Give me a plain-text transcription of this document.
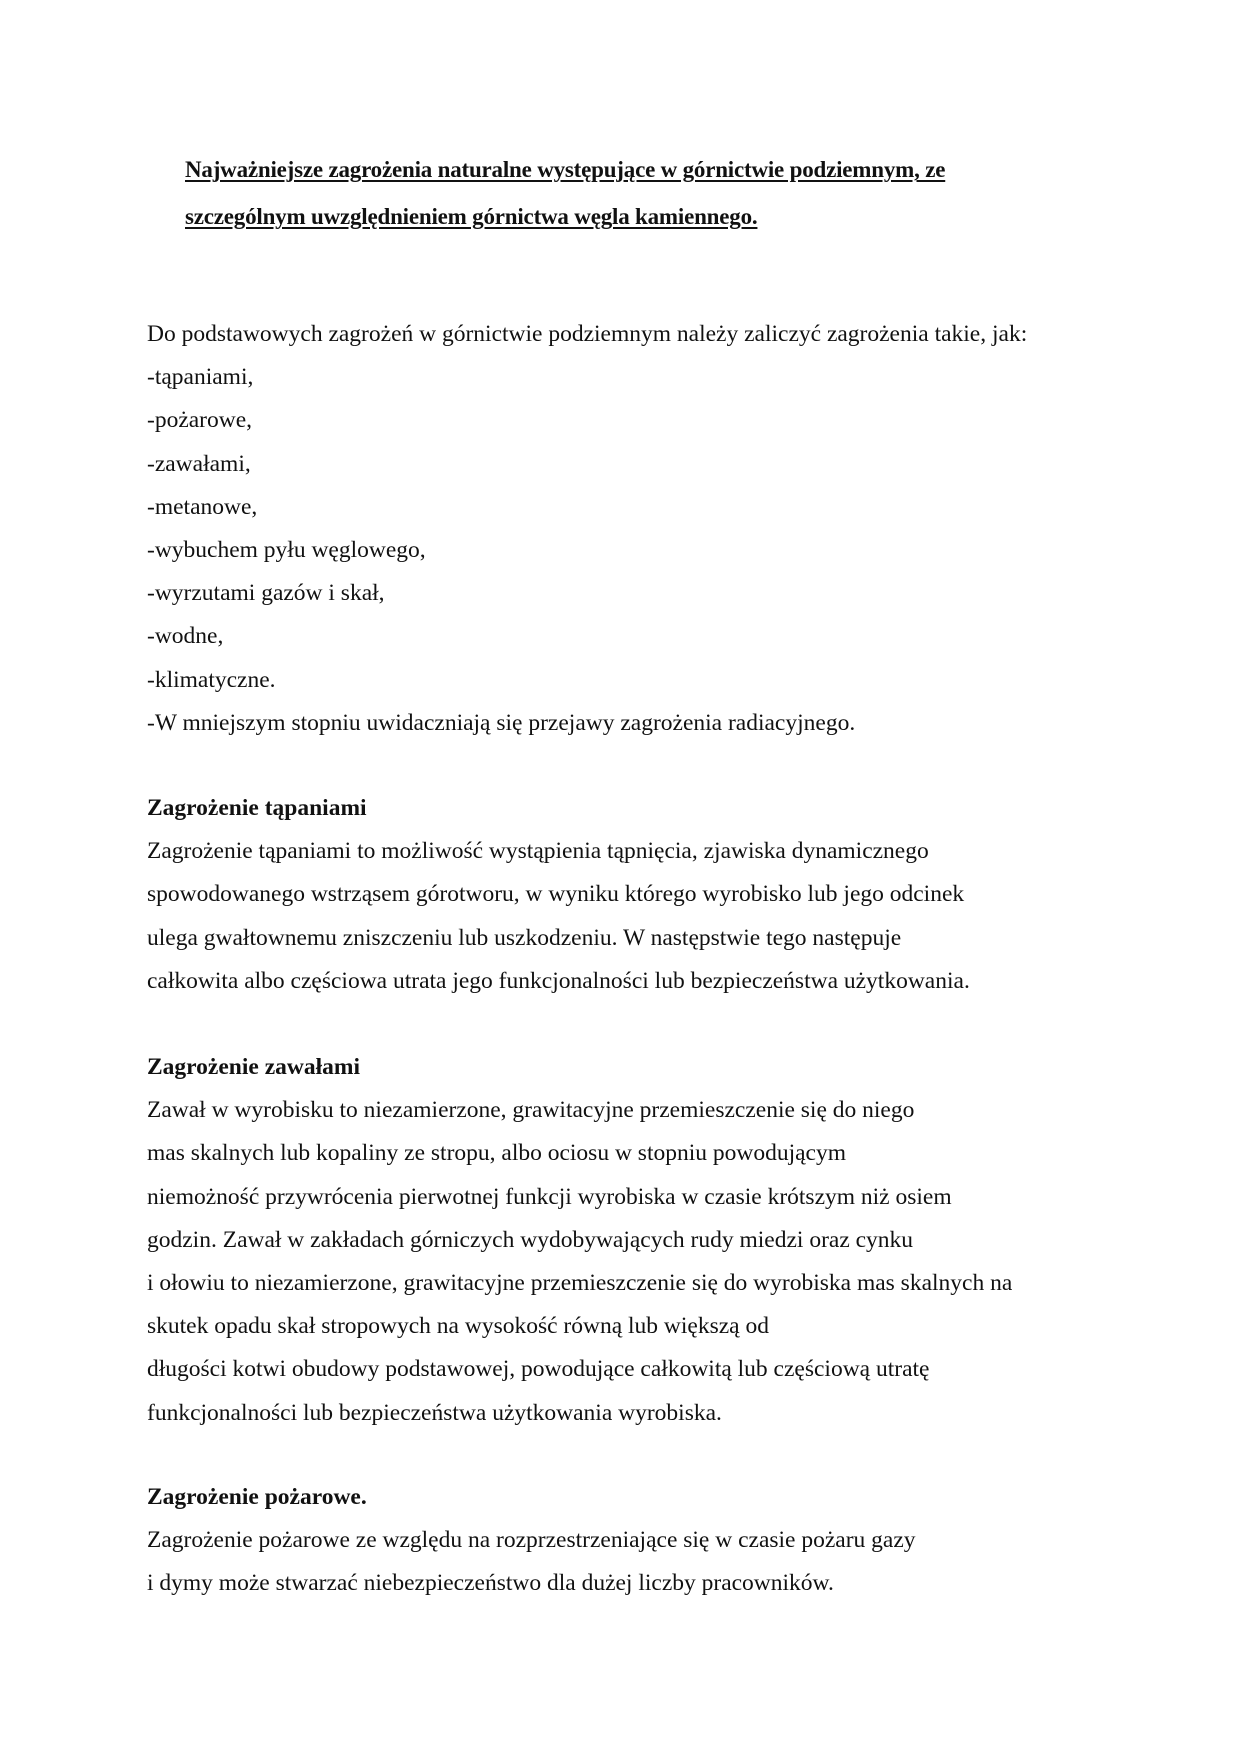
Najważniejsze zagrożenia naturalne występujące w górnictwie podziemnym, ze
szczególnym uwzględnieniem górnictwa węgla kamiennego.
Do podstawowych zagrożeń w górnictwie podziemnym należy zaliczyć zagrożenia takie, jak:
-tąpaniami,
-pożarowe,
-zawałami,
-metanowe,
-wybuchem pyłu węglowego,
-wyrzutami gazów i skał,
-wodne,
-klimatyczne.
-W mniejszym stopniu uwidaczniają się przejawy zagrożenia radiacyjnego.
Zagrożenie tąpaniami
Zagrożenie tąpaniami to możliwość wystąpienia tąpnięcia, zjawiska dynamicznego
spowodowanego wstrząsem górotworu, w wyniku którego wyrobisko lub jego odcinek
ulega gwałtownemu zniszczeniu lub uszkodzeniu. W następstwie tego następuje
całkowita albo częściowa utrata jego funkcjonalności lub bezpieczeństwa użytkowania.
Zagrożenie zawałami
Zawał w wyrobisku to niezamierzone, grawitacyjne przemieszczenie się do niego
mas skalnych lub kopaliny ze stropu, albo ociosu w stopniu powodującym
niemożność przywrócenia pierwotnej funkcji wyrobiska w czasie krótszym niż osiem
godzin. Zawał w zakładach górniczych wydobywających rudy miedzi oraz cynku
i ołowiu to niezamierzone, grawitacyjne przemieszczenie się do wyrobiska mas skalnych na
skutek opadu skał stropowych na wysokość równą lub większą od
długości kotwi obudowy podstawowej, powodujące całkowitą lub częściową utratę
funkcjonalności lub bezpieczeństwa użytkowania wyrobiska.
Zagrożenie pożarowe.
Zagrożenie pożarowe ze względu na rozprzestrzeniające się w czasie pożaru gazy
i dymy może stwarzać niebezpieczeństwo dla dużej liczby pracowników.
